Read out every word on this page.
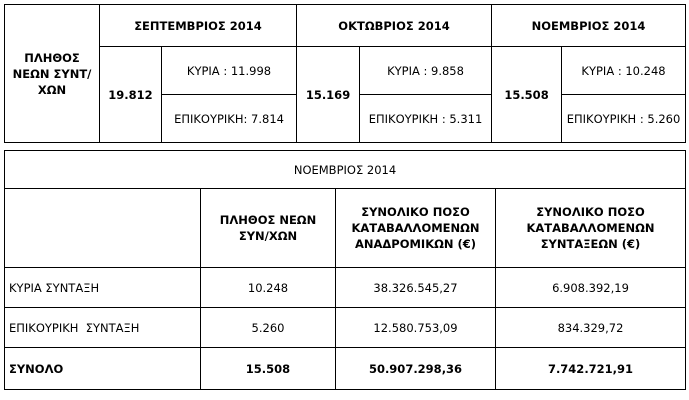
ΠΛΗΘΟΣ ΝΕΩΝ ΣΥΝΤ/ΧΩΝ	ΣΕΠΤΕΜΒΡΙΟΣ 2014		ΟΚΤΩΒΡΙΟΣ 2014		ΝΟΕΜΒΡΙΟΣ 2014	
	19.812	ΚΥΡΙΑ : 11.998	15.169	ΚΥΡΙΑ : 9.858	15.508	ΚΥΡΙΑ : 10.248
		ΕΠΙΚΟΥΡΙΚΗ: 7.814		ΕΠΙΚΟΥΡΙΚΗ : 5.311		ΕΠΙΚΟΥΡΙΚΗ : 5.260
ΝΟΕΜΒΡΙΟΣ 2014			
	ΠΛΗΘΟΣ ΝΕΩΝ ΣΥΝ/ΧΩΝ	ΣΥΝΟΛΙΚΟ ΠΟΣΟ ΚΑΤΑΒΑΛΛΟΜΕΝΩΝ ΑΝΑΔΡΟΜΙΚΩΝ (€)	ΣΥΝΟΛΙΚΟ ΠΟΣΟ ΚΑΤΑΒΑΛΛΟΜΕΝΩΝ ΣΥΝΤΑΞΕΩΝ (€)
ΚΥΡΙΑ ΣΥΝΤΑΞΗ	10.248	38.326.545,27	6.908.392,19
ΕΠΙΚΟΥΡΙΚΗ  ΣΥΝΤΑΞΗ	5.260	12.580.753,09	834.329,72
ΣΥΝΟΛΟ	15.508	50.907.298,36	7.742.721,91
